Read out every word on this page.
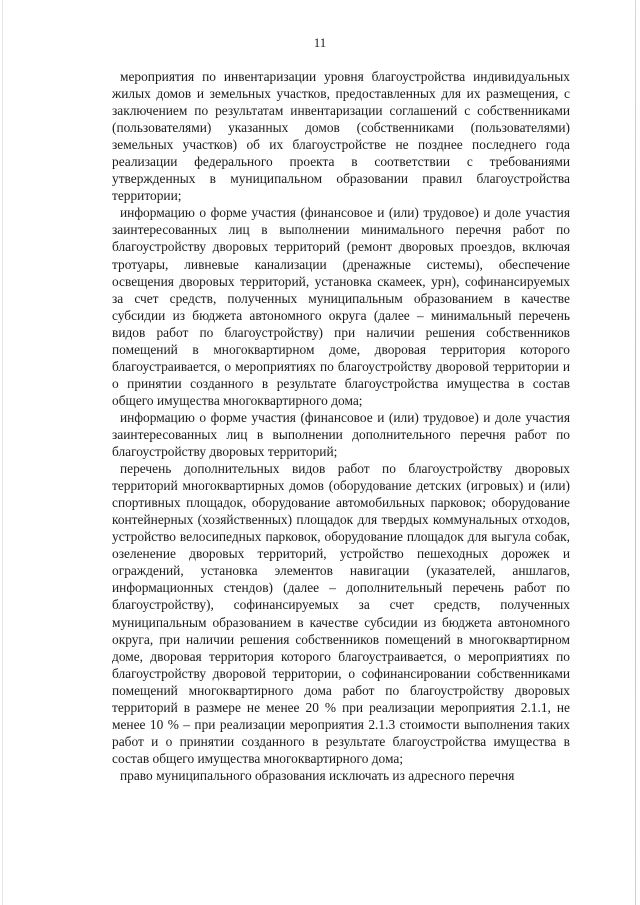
11

мероприятия по инвентаризации уровня благоустройства индивидуальных жилых домов и земельных участков, предоставленных для их размещения, с заключением по результатам инвентаризации соглашений с собственниками (пользователями) указанных домов (собственниками (пользователями) земельных участков) об их благоустройстве не позднее последнего года реализации федерального проекта в соответствии с требованиями утвержденных в муниципальном образовании правил благоустройства территории;

информацию о форме участия (финансовое и (или) трудовое) и доле участия заинтересованных лиц в выполнении минимального перечня работ по благоустройству дворовых территорий (ремонт дворовых проездов, включая тротуары, ливневые канализации (дренажные системы), обеспечение освещения дворовых территорий, установка скамеек, урн), софинансируемых за счет средств, полученных муниципальным образованием в качестве субсидии из бюджета автономного округа (далее – минимальный перечень видов работ по благоустройству) при наличии решения собственников помещений в многоквартирном доме, дворовая территория которого благоустраивается, о мероприятиях по благоустройству дворовой территории и о принятии созданного в результате благоустройства имущества в состав общего имущества многоквартирного дома;

информацию о форме участия (финансовое и (или) трудовое) и доле участия заинтересованных лиц в выполнении дополнительного перечня работ по благоустройству дворовых территорий;

перечень дополнительных видов работ по благоустройству дворовых территорий многоквартирных домов (оборудование детских (игровых) и (или) спортивных площадок, оборудование автомобильных парковок; оборудование контейнерных (хозяйственных) площадок для твердых коммунальных отходов, устройство велосипедных парковок, оборудование площадок для выгула собак, озеленение дворовых территорий, устройство пешеходных дорожек и ограждений, установка элементов навигации (указателей, аншлагов, информационных стендов) (далее – дополнительный перечень работ по благоустройству), софинансируемых за счет средств, полученных муниципальным образованием в качестве субсидии из бюджета автономного округа, при наличии решения собственников помещений в многоквартирном доме, дворовая территория которого благоустраивается, о мероприятиях по благоустройству дворовой территории, о софинансировании собственниками помещений многоквартирного дома работ по благоустройству дворовых территорий в размере не менее 20 % при реализации мероприятия 2.1.1, не менее 10 % – при реализации мероприятия 2.1.3 стоимости выполнения таких работ и о принятии созданного в результате благоустройства имущества в состав общего имущества многоквартирного дома;

право муниципального образования исключать из адресного перечня
